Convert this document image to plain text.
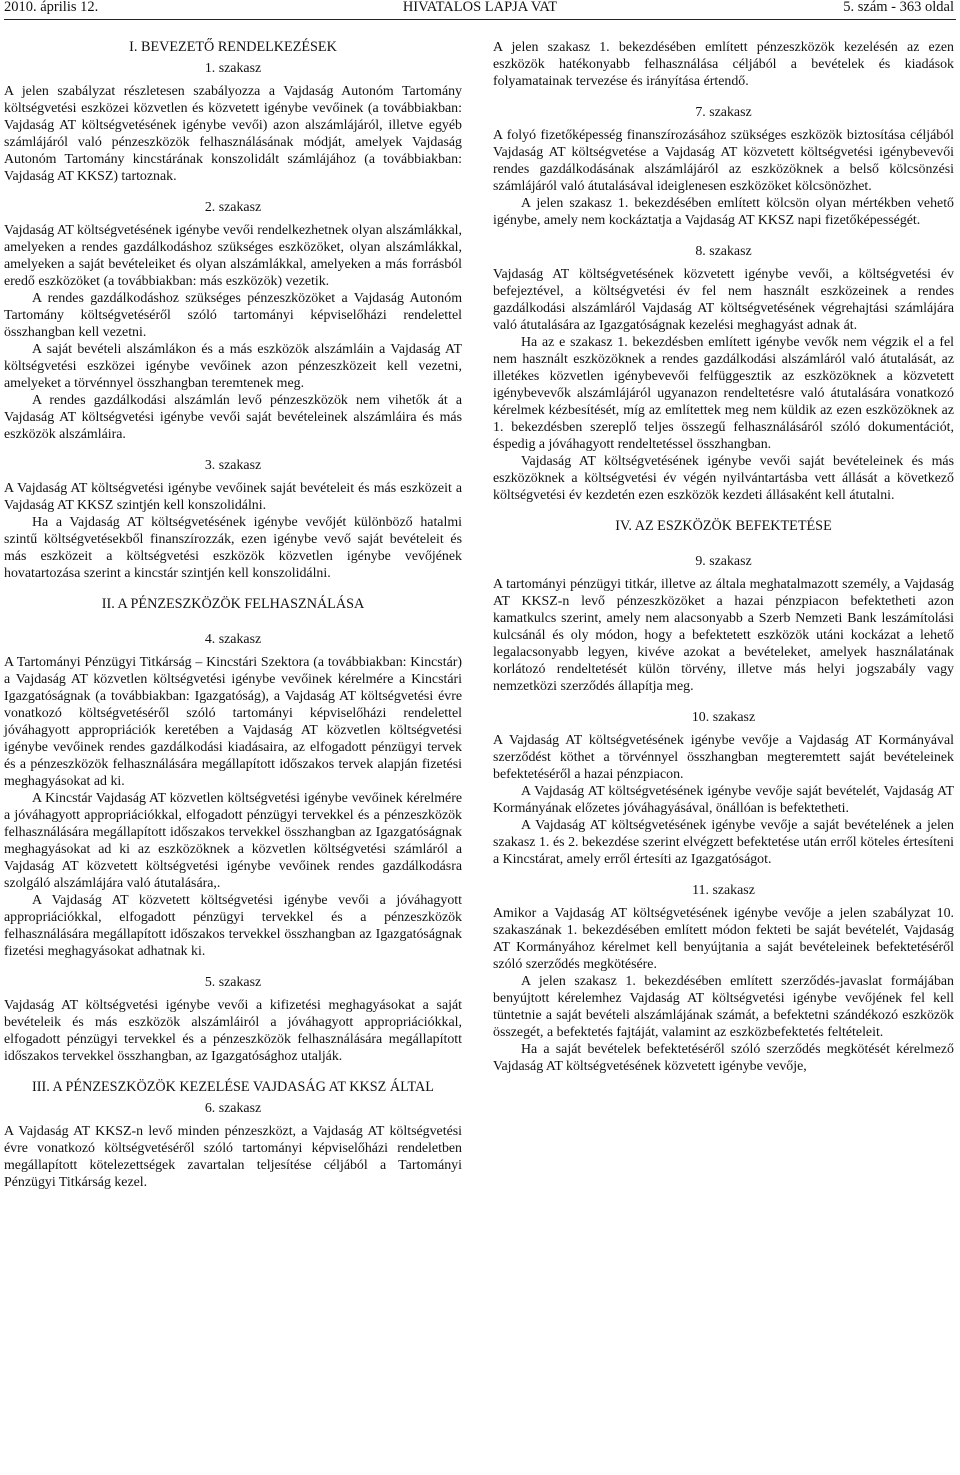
2010. április 12.	HIVATALOS LAPJA VAT	5. szám - 363 oldal
I. BEVEZETŐ RENDELKEZÉSEK
1. szakasz

A jelen szabályzat részletesen szabályozza a Vajdaság Autonóm Tartomány költségvetési eszközei közvetlen és közvetett igénybe vevőinek (a továbbiakban: Vajdaság AT költségvetésének igénybe vevői) azon alszámlájáról, illetve egyéb számlájáról való pénzeszközök felhasználásának módját, amelyek Vajdaság Autonóm Tartomány kincstárának konszolidált számlájához (a továbbiakban: Vajdaság AT KKSZ) tartoznak.

2. szakasz

Vajdaság AT költségvetésének igénybe vevői rendelkezhetnek olyan alszámlákkal, amelyeken a rendes gazdálkodáshoz szükséges eszközöket, olyan alszámlákkal, amelyeken a saját bevételeiket és olyan alszámlákkal, amelyeken a más forrásból eredő eszközöket (a továbbiakban: más eszközök) vezetik.

A rendes gazdálkodáshoz szükséges pénzeszközöket a Vajdaság Autonóm Tartomány költségvetéséről szóló tartományi képviselőházi rendelettel összhangban kell vezetni.

A saját bevételi alszámlákon és a más eszközök alszámláin a Vajdaság AT költségvetési eszközei igénybe vevőinek azon pénzeszközeit kell vezetni, amelyeket a törvénnyel összhangban teremtenek meg.

A rendes gazdálkodási alszámlán levő pénzeszközök nem vihetők át a Vajdaság AT költségvetési igénybe vevői saját bevételeinek alszámláira és más eszközök alszámláira.

3. szakasz

A Vajdaság AT költségvetési igénybe vevőinek saját bevételeit és más eszközeit a Vajdaság AT KKSZ szintjén kell konszolidálni.

Ha a Vajdaság AT költségvetésének igénybe vevőjét különböző hatalmi szintű költségvetésekből finanszírozzák, ezen igénybe vevő saját bevételeit és más eszközeit a költségvetési eszközök közvetlen igénybe vevőjének hovatartozása szerint a kincstár szintjén kell konszolidálni.

II. A PÉNZESZKÖZÖK FELHASZNÁLÁSA
4. szakasz

A Tartományi Pénzügyi Titkárság – Kincstári Szektora (a továbbiakban: Kincstár) a Vajdaság AT közvetlen költségvetési igénybe vevőinek kérelmére a Kincstári Igazgatóságnak (a továbbiakban: Igazgatóság), a Vajdaság AT költségvetési évre vonatkozó költségvetéséről szóló tartományi képviselőházi rendelettel jóváhagyott appropriációk keretében a Vajdaság AT közvetlen költségvetési igénybe vevőinek rendes gazdálkodási kiadásaira, az elfogadott pénzügyi tervek és a pénzeszközök felhasználására megállapított időszakos tervek alapján fizetési meghagyásokat ad ki.

A Kincstár Vajdaság AT közvetlen költségvetési igénybe vevőinek kérelmére a jóváhagyott appropriációkkal, elfogadott pénzügyi tervekkel és a pénzeszközök felhasználására megállapított időszakos tervekkel összhangban az Igazgatóságnak meghagyásokat ad ki az eszközöknek a közvetlen költségvetési számláról a Vajdaság AT közvetett költségvetési igénybe vevőinek rendes gazdálkodásra szolgáló alszámlájára való átutalására,.

A Vajdaság AT közvetett költségvetési igénybe vevői a jóváhagyott appropriációkkal, elfogadott pénzügyi tervekkel és a pénzeszközök felhasználására megállapított időszakos tervekkel összhangban az Igazgatóságnak fizetési meghagyásokat adhatnak ki.

5. szakasz

Vajdaság AT költségvetési igénybe vevői a kifizetési meghagyásokat a saját bevételeik és más eszközök alszámláiról a jóváhagyott appropriációkkal, elfogadott pénzügyi tervekkel és a pénzeszközök felhasználására megállapított időszakos tervekkel összhangban, az Igazgatósághoz utalják.

III. A PÉNZESZKÖZÖK KEZELÉSE VAJDASÁG AT KKSZ ÁLTAL
6. szakasz

A Vajdaság AT KKSZ-n levő minden pénzeszközt, a Vajdaság AT költségvetési évre vonatkozó költségvetéséről szóló tartományi képviselőházi rendeletben megállapított kötelezettségek zavartalan teljesítése céljából a Tartományi Pénzügyi Titkárság kezel.

A jelen szakasz 1. bekezdésében említett pénzeszközök kezelésén az ezen eszközök hatékonyabb felhasználása céljából a bevételek és kiadások folyamatainak tervezése és irányítása értendő.

7. szakasz

A folyó fizetőképesség finanszírozásához szükséges eszközök biztosítása céljából Vajdaság AT költségvetése a Vajdaság AT közvetett költségvetési igénybevevői rendes gazdálkodásának alszámlájáról az eszközöknek a belső kölcsönzési számlájáról való átutalásával ideiglenesen eszközöket kölcsönözhet.

A jelen szakasz 1. bekezdésében említett kölcsön olyan mértékben vehető igénybe, amely nem kockáztatja a Vajdaság AT KKSZ napi fizetőképességét.

8. szakasz

Vajdaság AT költségvetésének közvetett igénybe vevői, a költségvetési év befejeztével, a költségvetési év fel nem használt eszközeinek a rendes gazdálkodási alszámláról Vajdaság AT költségvetésének végrehajtási számlájára való átutalására az Igazgatóságnak kezelési meghagyást adnak át.

Ha az e szakasz 1. bekezdésben említett igénybe vevők nem végzik el a fel nem használt eszközöknek a rendes gazdálkodási alszámláról való átutalását, az illetékes közvetlen igénybevevői felfüggesztik az eszközöknek a közvetett igénybevevők alszámlájáról ugyanazon rendeltetésre való átutalására vonatkozó kérelmek kézbesítését, míg az említettek meg nem küldik az ezen eszközöknek az 1. bekezdésben szereplő teljes összegű felhasználásáról szóló dokumentációt, éspedig a jóváhagyott rendeltetéssel összhangban.

Vajdaság AT költségvetésének igénybe vevői saját bevételeinek és más eszközöknek a költségvetési év végén nyilvántartásba vett állását a következő költségvetési év kezdetén ezen eszközök kezdeti állásaként kell átutalni.

IV. AZ ESZKÖZÖK BEFEKTETÉSE
9. szakasz

A tartományi pénzügyi titkár, illetve az általa meghatalmazott személy, a Vajdaság AT KKSZ-n levő pénzeszközöket a hazai pénzpiacon befektetheti azon kamatkulcs szerint, amely nem alacsonyabb a Szerb Nemzeti Bank leszámítolási kulcsánál és oly módon, hogy a befektetett eszközök utáni kockázat a lehető legalacsonyabb legyen, kivéve azokat a bevételeket, amelyek használatának korlátozó rendeltetését külön törvény, illetve más helyi jogszabály vagy nemzetközi szerződés állapítja meg.

10. szakasz

A Vajdaság AT költségvetésének igénybe vevője a Vajdaság AT Kormányával szerződést köthet a törvénnyel összhangban megteremtett saját bevételeinek befektetéséről a hazai pénzpiacon.

A Vajdaság AT költségvetésének igénybe vevője saját bevételét, Vajdaság AT Kormányának előzetes jóváhagyásával, önállóan is befektetheti.

A Vajdaság AT költségvetésének igénybe vevője a saját bevételének a jelen szakasz 1. és 2. bekezdése szerint elvégzett befektetése után erről köteles értesíteni a Kincstárat, amely erről értesíti az Igazgatóságot.

11. szakasz

Amikor a Vajdaság AT költségvetésének igénybe vevője a jelen szabályzat 10. szakaszának 1. bekezdésében említett módon fekteti be saját bevételét, Vajdaság AT Kormányához kérelmet kell benyújtania a saját bevételeinek befektetéséről szóló szerződés megkötésére.

A jelen szakasz 1. bekezdésében említett szerződés-javaslat formájában benyújtott kérelemhez Vajdaság AT költségvetési igénybe vevőjének fel kell tüntetnie a saját bevételi alszámlájának számát, a befektetni szándékozó eszközök összegét, a befektetés fajtáját, valamint az eszközbefektetés feltételeit.

Ha a saját bevételek befektetéséről szóló szerződés megkötését kérelmező Vajdaság AT költségvetésének közvetett igénybe vevője,
